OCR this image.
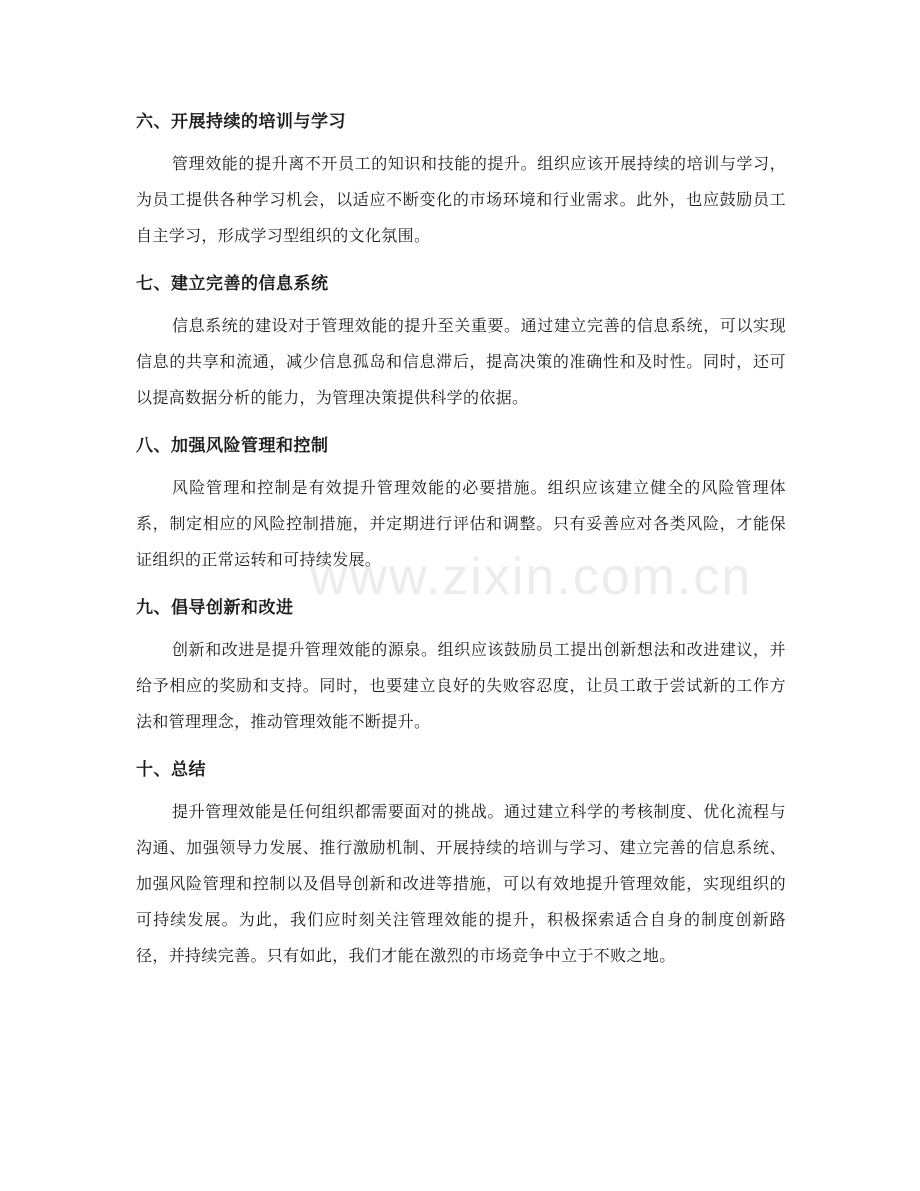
六、开展持续的培训与学习

管理效能的提升离不开员工的知识和技能的提升。组织应该开展持续的培训与学习，为员工提供各种学习机会，以适应不断变化的市场环境和行业需求。此外，也应鼓励员工自主学习，形成学习型组织的文化氛围。

七、建立完善的信息系统

信息系统的建设对于管理效能的提升至关重要。通过建立完善的信息系统，可以实现信息的共享和流通，减少信息孤岛和信息滞后，提高决策的准确性和及时性。同时，还可以提高数据分析的能力，为管理决策提供科学的依据。

八、加强风险管理和控制

风险管理和控制是有效提升管理效能的必要措施。组织应该建立健全的风险管理体系，制定相应的风险控制措施，并定期进行评估和调整。只有妥善应对各类风险，才能保证组织的正常运转和可持续发展。

九、倡导创新和改进

创新和改进是提升管理效能的源泉。组织应该鼓励员工提出创新想法和改进建议，并给予相应的奖励和支持。同时，也要建立良好的失败容忍度，让员工敢于尝试新的工作方法和管理理念，推动管理效能不断提升。

十、总结

提升管理效能是任何组织都需要面对的挑战。通过建立科学的考核制度、优化流程与沟通、加强领导力发展、推行激励机制、开展持续的培训与学习、建立完善的信息系统、加强风险管理和控制以及倡导创新和改进等措施，可以有效地提升管理效能，实现组织的可持续发展。为此，我们应时刻关注管理效能的提升，积极探索适合自身的制度创新路径，并持续完善。只有如此，我们才能在激烈的市场竞争中立于不败之地。

www.zixin.com.cn
